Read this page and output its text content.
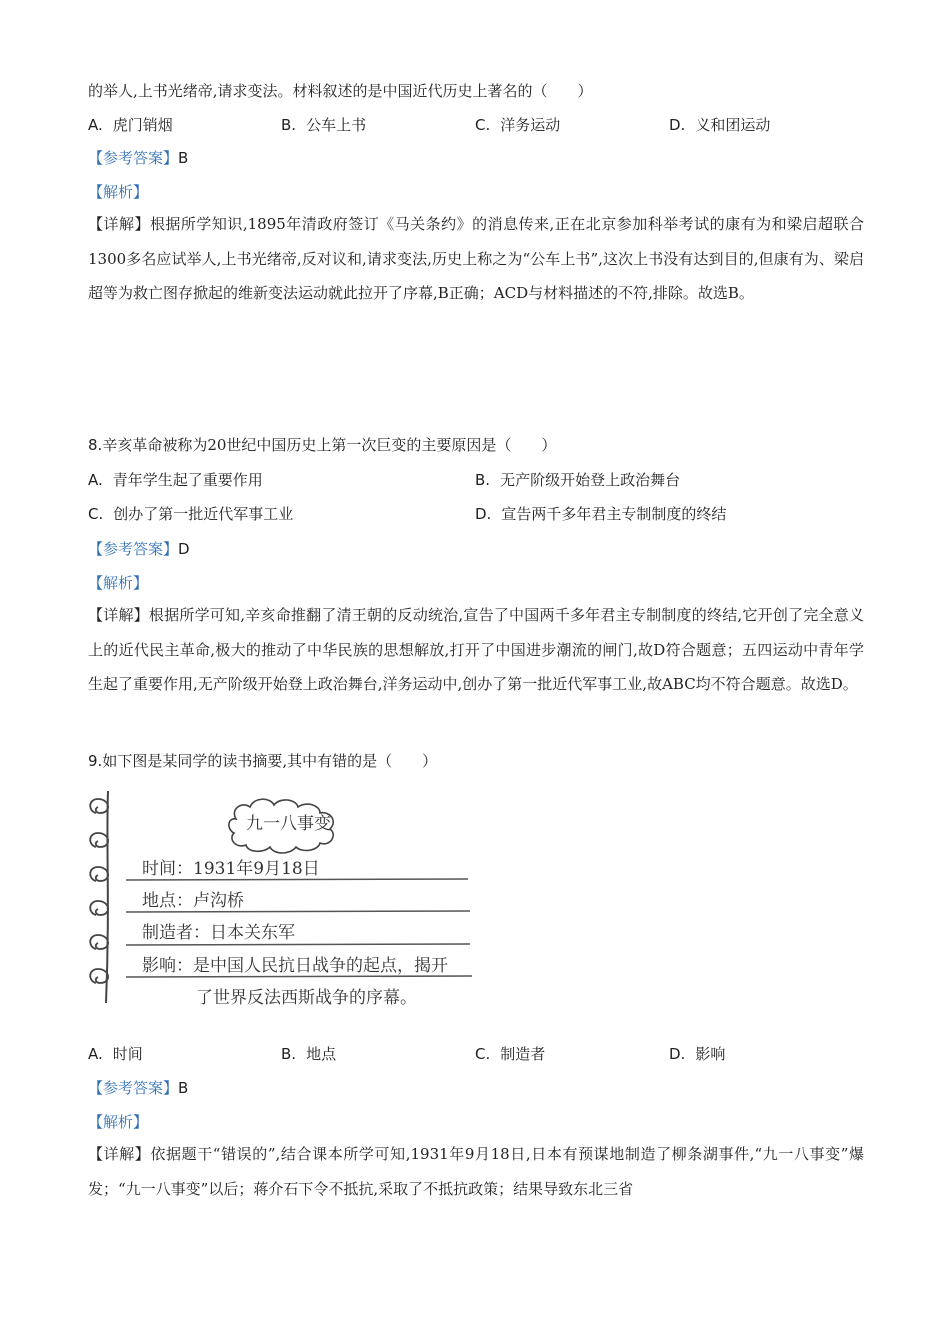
的举人,上书光绪帝,请求变法。材料叙述的是中国近代历史上著名的（　　）
A. 虎门销烟	B. 公车上书	C. 洋务运动	D. 义和团运动
【参考答案】B
【解析】
【详解】根据所学知识,1895年清政府签订《马关条约》的消息传来,正在北京参加科举考试的康有为和梁启超联合1300多名应试举人,上书光绪帝,反对议和,请求变法,历史上称之为“公车上书”,这次上书没有达到目的,但康有为、梁启超等为救亡图存掀起的维新变法运动就此拉开了序幕,B正确；ACD与材料描述的不符,排除。故选B。
8.辛亥革命被称为20世纪中国历史上第一次巨变的主要原因是（　　）
A. 青年学生起了重要作用	B. 无产阶级开始登上政治舞台
C. 创办了第一批近代军事工业	D. 宣告两千多年君主专制制度的终结
【参考答案】D
【解析】
【详解】根据所学可知,辛亥命推翻了清王朝的反动统治,宣告了中国两千多年君主专制制度的终结,它开创了完全意义上的近代民主革命,极大的推动了中华民族的思想解放,打开了中国进步潮流的闸门,故D符合题意；五四运动中青年学生起了重要作用,无产阶级开始登上政治舞台,洋务运动中,创办了第一批近代军事工业,故ABC均不符合题意。故选D。
9.如下图是某同学的读书摘要,其中有错的是（　　）
九一八事变
时间：1931年9月18日
地点：卢沟桥
制造者：日本关东军
影响：是中国人民抗日战争的起点，揭开
了世界反法西斯战争的序幕。
A. 时间	B. 地点	C. 制造者	D. 影响
【参考答案】B
【解析】
【详解】依据题干“错误的”,结合课本所学可知,1931年9月18日,日本有预谋地制造了柳条湖事件,“九一八事变”爆发；“九一八事变”以后；蒋介石下令不抵抗,采取了不抵抗政策；结果导致东北三省
